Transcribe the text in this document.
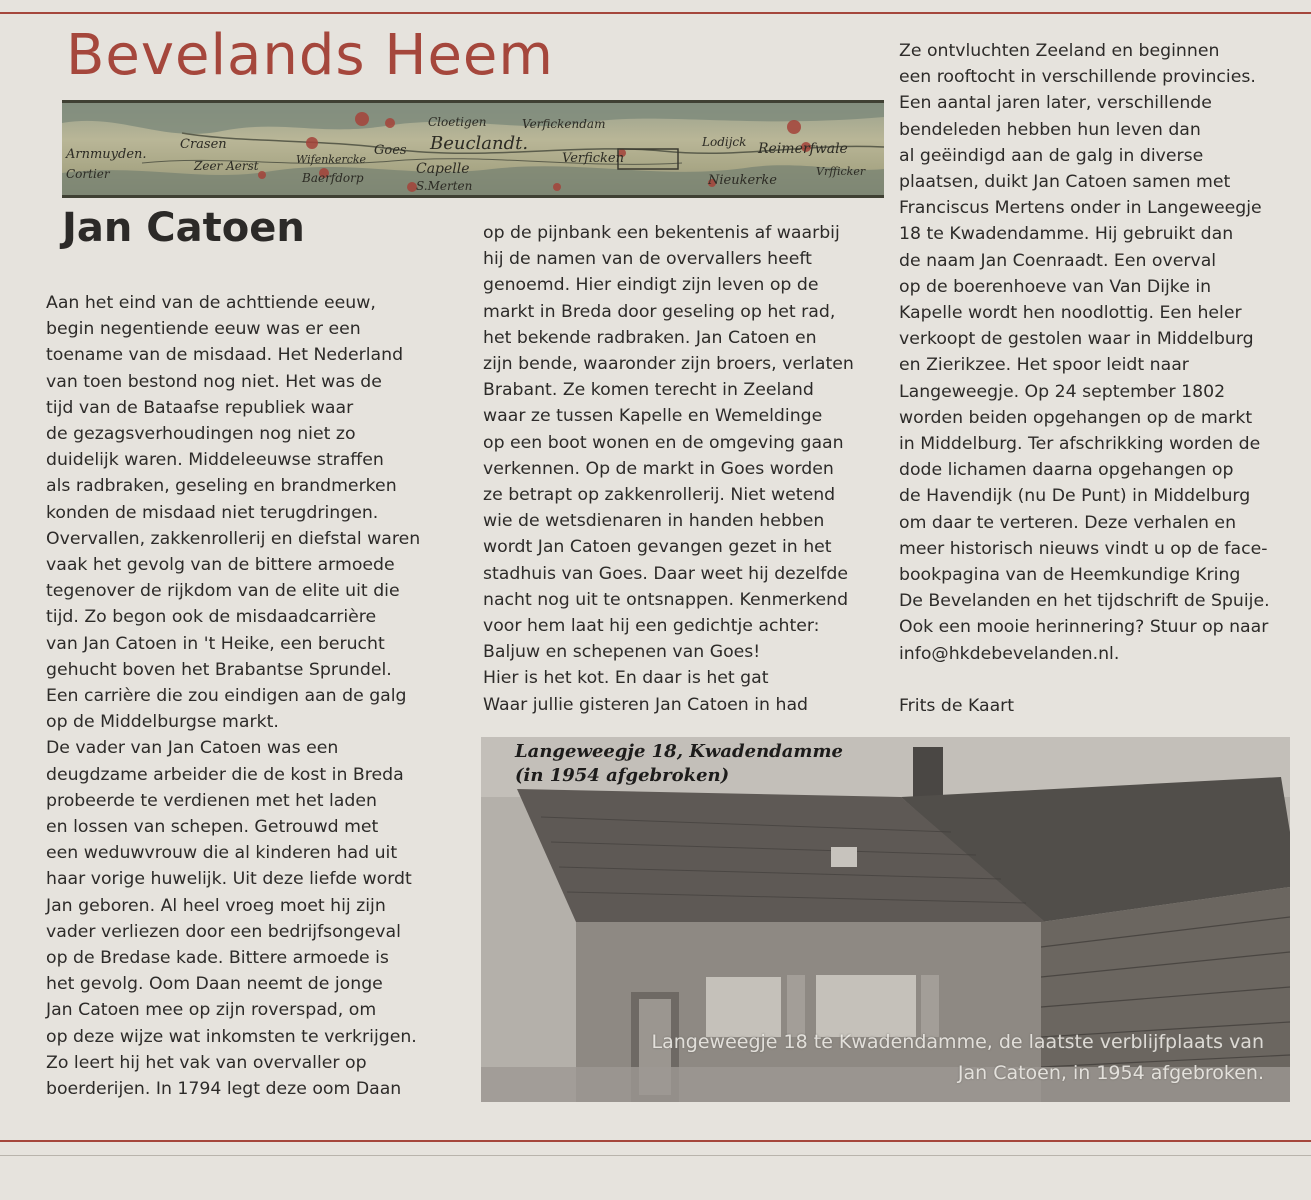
Bevelands Heem
Arnmuyden.
Cortier
Crasen
Zeer Aerst
Goes Beuclandt.
Cloetigen	Verfickendam
Capelle
Baerfdorp
S.Merten
Wifenkercke	Verficken
Lodijck Reimerfwale
Nieukerke
Vrfficker
Jan Catoen
Aan het eind van de achttiende eeuw,
begin negentiende eeuw was er een
toename van de misdaad. Het Nederland
van toen bestond nog niet. Het was de
tijd van de Bataafse republiek waar
de gezagsverhoudingen nog niet zo
duidelijk waren. Middeleeuwse straffen
als radbraken, geseling en brandmerken
konden de misdaad niet terugdringen.
Overvallen, zakkenrollerij en diefstal waren
vaak het gevolg van de bittere armoede
tegenover de rijkdom van de elite uit die
tijd. Zo begon ook de misdaadcarrière
van Jan Catoen in 't Heike, een berucht
gehucht boven het Brabantse Sprundel.
Een carrière die zou eindigen aan de galg
op de Middelburgse markt.
De vader van Jan Catoen was een
deugdzame arbeider die de kost in Breda
probeerde te verdienen met het laden
en lossen van schepen. Getrouwd met
een weduwvrouw die al kinderen had uit
haar vorige huwelijk. Uit deze liefde wordt
Jan geboren. Al heel vroeg moet hij zijn
vader verliezen door een bedrijfsongeval
op de Bredase kade. Bittere armoede is
het gevolg. Oom Daan neemt de jonge
Jan Catoen mee op zijn roverspad, om
op deze wijze wat inkomsten te verkrijgen.
Zo leert hij het vak van overvaller op
boerderijen. In 1794 legt deze oom Daan
op de pijnbank een bekentenis af waarbij
hij de namen van de overvallers heeft
genoemd. Hier eindigt zijn leven op de
markt in Breda door geseling op het rad,
het bekende radbraken. Jan Catoen en
zijn bende, waaronder zijn broers, verlaten
Brabant. Ze komen terecht in Zeeland
waar ze tussen Kapelle en Wemeldinge
op een boot wonen en de omgeving gaan
verkennen. Op de markt in Goes worden
ze betrapt op zakkenrollerij. Niet wetend
wie de wetsdienaren in handen hebben
wordt Jan Catoen gevangen gezet in het
stadhuis van Goes. Daar weet hij dezelfde
nacht nog uit te ontsnappen. Kenmerkend
voor hem laat hij een gedichtje achter:
Baljuw en schepenen van Goes!
Hier is het kot. En daar is het gat
Waar jullie gisteren Jan Catoen in had
Ze ontvluchten Zeeland en beginnen
een rooftocht in verschillende provincies.
Een aantal jaren later, verschillende
bendeleden hebben hun leven dan
al geëindigd aan de galg in diverse
plaatsen, duikt Jan Catoen samen met
Franciscus Mertens onder in Langeweegje
18 te Kwadendamme. Hij gebruikt dan
de naam Jan Coenraadt. Een overval
op de boerenhoeve van Van Dijke in
Kapelle wordt hen noodlottig. Een heler
verkoopt de gestolen waar in Middelburg
en Zierikzee. Het spoor leidt naar
Langeweegje. Op 24 september 1802
worden beiden opgehangen op de markt
in Middelburg. Ter afschrikking worden de
dode lichamen daarna opgehangen op
de Havendijk (nu De Punt) in Middelburg
om daar te verteren. Deze verhalen en
meer historisch nieuws vindt u op de face-
bookpagina van de Heemkundige Kring
De Bevelanden en het tijdschrift de Spuije.
Ook een mooie herinnering? Stuur op naar
info@hkdebevelanden.nl.

Frits de Kaart
Langeweegje 18, Kwadendamme
(in 1954 afgebroken)
Langeweegje 18 te Kwadendamme, de laatste verblijfplaats van
Jan Catoen, in 1954 afgebroken.
